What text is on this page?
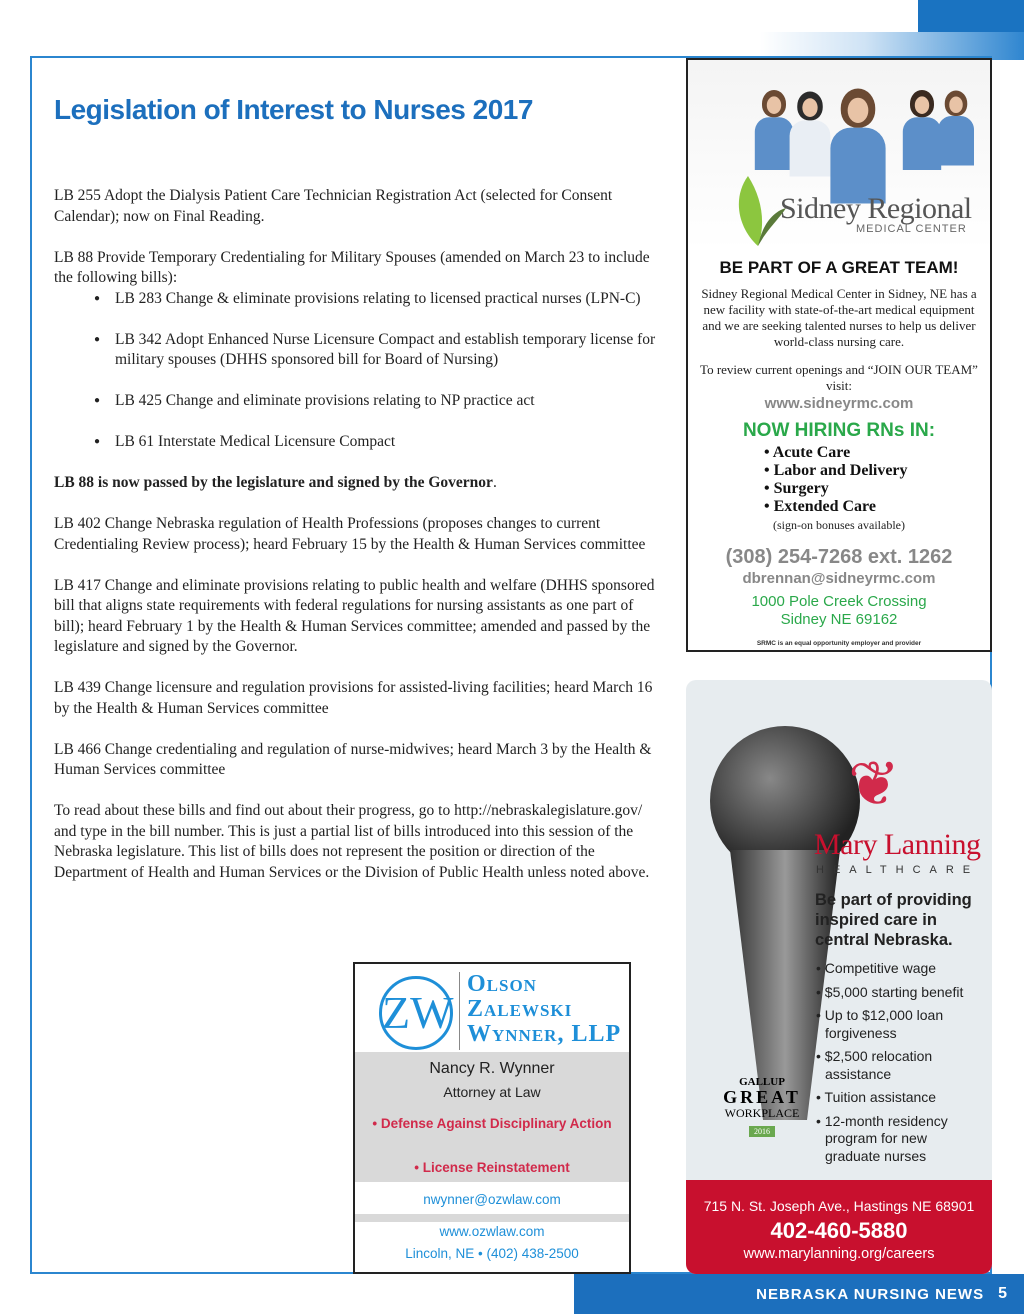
Legislation of Interest to Nurses 2017

LB 255 Adopt the Dialysis Patient Care Technician Registration Act (selected for Consent Calendar); now on Final Reading.

LB 88 Provide Temporary Credentialing for Military Spouses (amended on March 23 to include the following bills):

● LB 283 Change & eliminate provisions relating to licensed practical nurses (LPN-C)
● LB 342 Adopt Enhanced Nurse Licensure Compact and establish temporary license for military spouses (DHHS sponsored bill for Board of Nursing)
● LB 425 Change and eliminate provisions relating to NP practice act
● LB 61 Interstate Medical Licensure Compact

LB 88 is now passed by the legislature and signed by the Governor.

LB 402 Change Nebraska regulation of Health Professions (proposes changes to current Credentialing Review process); heard February 15 by the Health & Human Services committee

LB 417 Change and eliminate provisions relating to public health and welfare (DHHS sponsored bill that aligns state requirements with federal regulations for nursing assistants as one part of bill); heard February 1 by the Health & Human Services committee; amended and passed by the legislature and signed by the Governor.

LB 439 Change licensure and regulation provisions for assisted-living facilities; heard March 16 by the Health & Human Services committee

LB 466 Change credentialing and regulation of nurse-midwives; heard March 3 by the Health & Human Services committee

To read about these bills and find out about their progress, go to http://nebraskalegislature.gov/ and type in the bill number. This is just a partial list of bills introduced into this session of the Nebraska legislature. This list of bills does not represent the position or direction of the Department of Health and Human Services or the Division of Public Health unless noted above.

Sidney Regional
MEDICAL CENTER
BE PART OF A GREAT TEAM!
Sidney Regional Medical Center in Sidney, NE has a new facility with state-of-the-art medical equipment and we are seeking talented nurses to help us deliver world-class nursing care.
To review current openings and “JOIN OUR TEAM” visit:
www.sidneyrmc.com
NOW HIRING RNs IN:
• Acute Care
• Labor and Delivery
• Surgery
• Extended Care
(sign-on bonuses available)
(308) 254-7268 ext. 1262
dbrennan@sidneyrmc.com
1000 Pole Creek Crossing
Sidney NE 69162
SRMC is an equal opportunity employer and provider
ZW
Olson
Zalewski
Wynner, LLP
Nancy R. Wynner
Attorney at Law
• Defense Against Disciplinary Action
• License Reinstatement
nwynner@ozwlaw.com
www.ozwlaw.com
Lincoln, NE • (402) 438-2500
❦
Mary Lanning
HEALTHCARE
Be part of providing inspired care in central Nebraska.
• Competitive wage
• $5,000 starting benefit
• Up to $12,000 loan forgiveness
• $2,500 relocation assistance
• Tuition assistance
• 12-month residency program for new graduate nurses
GALLUP
GREAT
WORKPLACE
2016
715 N. St. Joseph Ave., Hastings NE 68901
402-460-5880
www.marylanning.org/careers
NEBRASKA NURSING NEWS 5
